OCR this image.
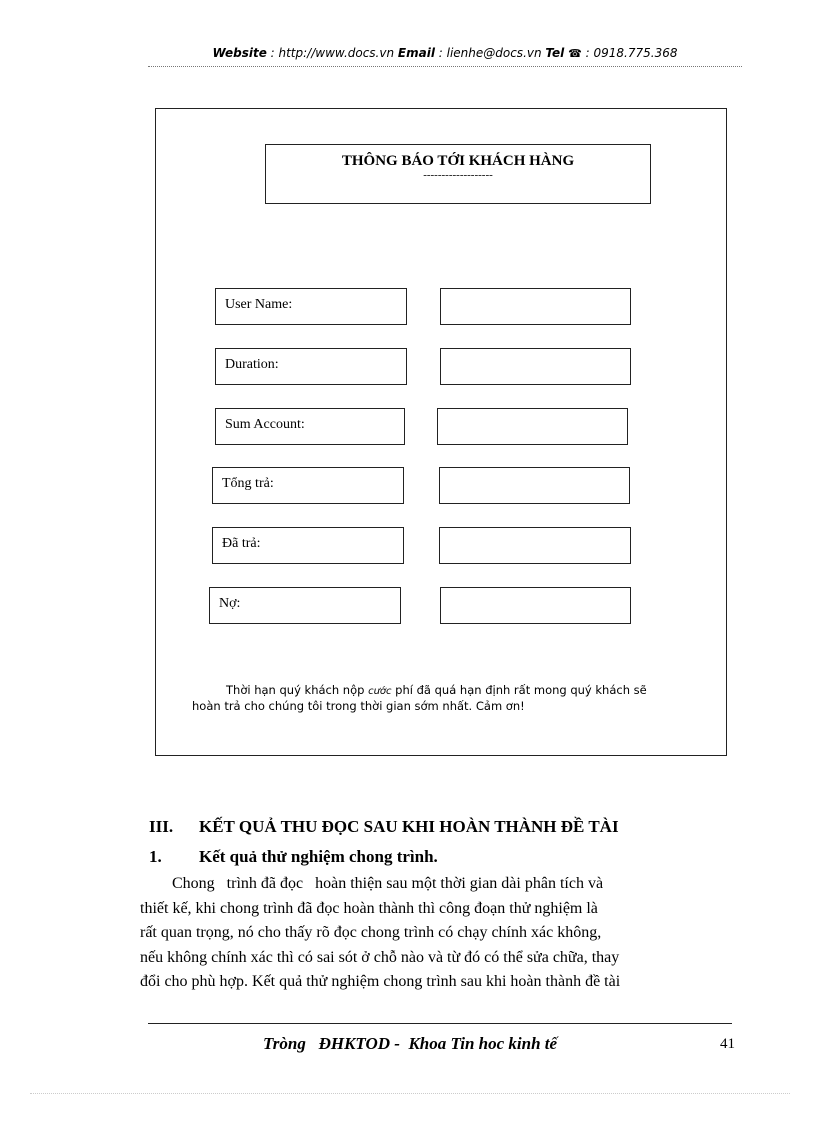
Website : http://www.docs.vn Email : lienhe@docs.vn Tel ☎ : 0918.775.368
THÔNG BÁO TỚI KHÁCH HÀNG
-------------------
User Name:
Duration:
Sum Account:
Tổng trả:
Đã trả:
Nợ:
Thời hạn quý khách nộp cước phí đã quá hạn định rất mong quý khách sẽ
hoàn trả cho chúng tôi trong thời gian sớm nhất. Cảm ơn!
III. KẾT QUẢ THU ĐỌC SAU KHI HOÀN THÀNH ĐỀ TÀI
1. Kết quả thử nghiệm chong trình.
Chong   trình đã đọc   hoàn thiện sau một thời gian dài phân tích và
thiết kế, khi chong trình đã đọc hoàn thành thì công đoạn thử nghiệm là
rất quan trọng, nó cho thấy rõ đọc chong trình có chạy chính xác không,
nếu không chính xác thì có sai sót ở chỗ nào và từ đó có thể sửa chữa, thay
đổi cho phù hợp. Kết quả thử nghiệm chong trình sau khi hoàn thành đề tài
Tròng   ĐHKTOD -  Khoa Tin hoc kinh tế	41
